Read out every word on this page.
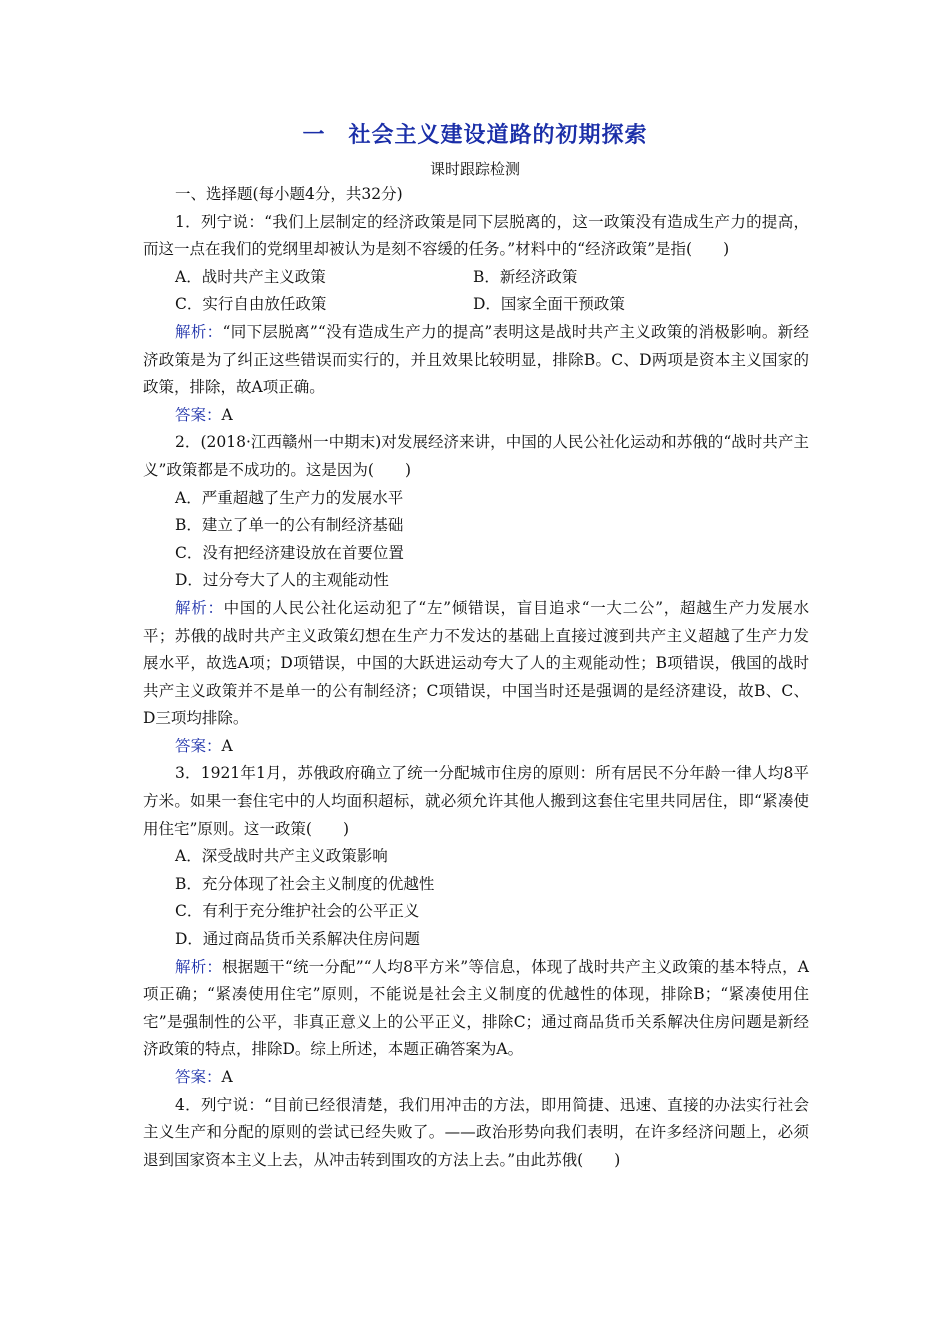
一　社会主义建设道路的初期探索
课时跟踪检测

一、选择题(每小题4分，共32分)

1．列宁说：“我们上层制定的经济政策是同下层脱离的，这一政策没有造成生产力的提高，而这一点在我们的党纲里却被认为是刻不容缓的任务。”材料中的“经济政策”是指(　　)

A．战时共产主义政策	B．新经济政策
C．实行自由放任政策	D．国家全面干预政策

解析：“同下层脱离”“没有造成生产力的提高”表明这是战时共产主义政策的消极影响。新经济政策是为了纠正这些错误而实行的，并且效果比较明显，排除B。C、D两项是资本主义国家的政策，排除，故A项正确。

答案：A

2．(2018·江西赣州一中期末)对发展经济来讲，中国的人民公社化运动和苏俄的“战时共产主义”政策都是不成功的。这是因为(　　)

A．严重超越了生产力的发展水平

B．建立了单一的公有制经济基础

C．没有把经济建设放在首要位置

D．过分夸大了人的主观能动性

解析：中国的人民公社化运动犯了“左”倾错误，盲目追求“一大二公”，超越生产力发展水平；苏俄的战时共产主义政策幻想在生产力不发达的基础上直接过渡到共产主义超越了生产力发展水平，故选A项；D项错误，中国的大跃进运动夸大了人的主观能动性；B项错误，俄国的战时共产主义政策并不是单一的公有制经济；C项错误，中国当时还是强调的是经济建设，故B、C、D三项均排除。

答案：A

3．1921年1月，苏俄政府确立了统一分配城市住房的原则：所有居民不分年龄一律人均8平方米。如果一套住宅中的人均面积超标，就必须允许其他人搬到这套住宅里共同居住，即“紧凑使用住宅”原则。这一政策(　　)

A．深受战时共产主义政策影响

B．充分体现了社会主义制度的优越性

C．有利于充分维护社会的公平正义

D．通过商品货币关系解决住房问题

解析：根据题干“统一分配”“人均8平方米”等信息，体现了战时共产主义政策的基本特点，A项正确；“紧凑使用住宅”原则，不能说是社会主义制度的优越性的体现，排除B；“紧凑使用住宅”是强制性的公平，非真正意义上的公平正义，排除C；通过商品货币关系解决住房问题是新经济政策的特点，排除D。综上所述，本题正确答案为A。

答案：A

4．列宁说：“目前已经很清楚，我们用冲击的方法，即用简捷、迅速、直接的办法实行社会主义生产和分配的原则的尝试已经失败了。——政治形势向我们表明，在许多经济问题上，必须退到国家资本主义上去，从冲击转到围攻的方法上去。”由此苏俄(　　)
